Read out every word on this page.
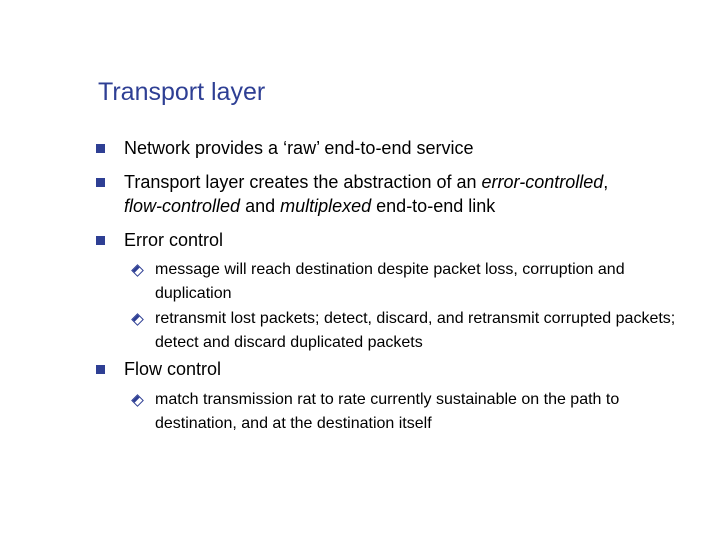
Transport layer
Network provides a ‘raw’ end-to-end service
Transport layer creates the abstraction of an error-controlled,
flow-controlled and multiplexed end-to-end link
Error control
message will reach destination despite packet loss, corruption and duplication
retransmit lost packets; detect, discard, and retransmit corrupted packets; detect and discard duplicated packets
Flow control
match transmission rat to rate currently sustainable on the path to destination, and at the destination itself
